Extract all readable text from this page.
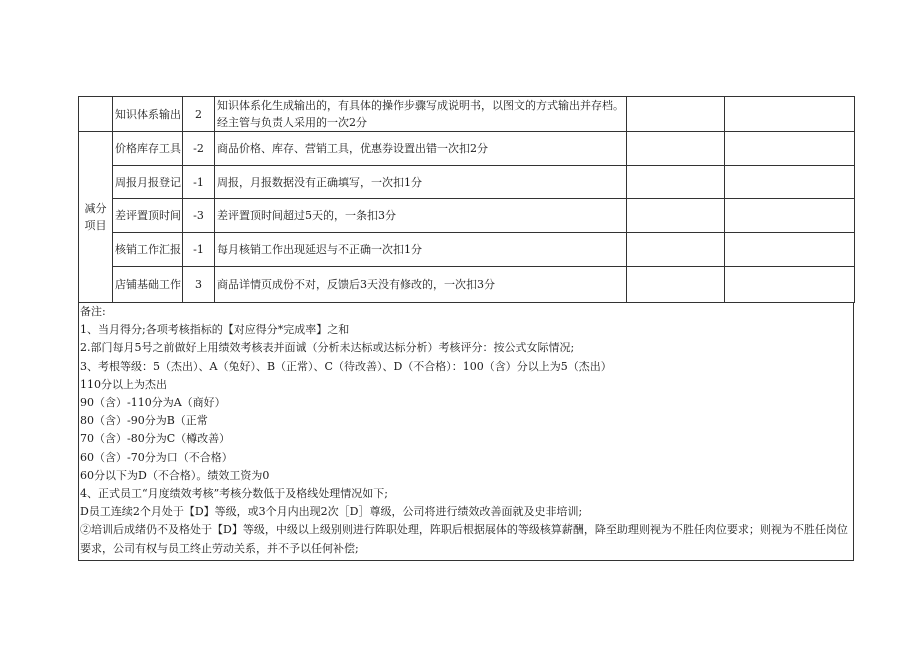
	知识体系输出	2	知识体系化生成输出的，有具体的操作步骤写成说明书，以图文的方式输出并存档。经主管与负责人采用的一次2分		
减分项目	价格库存工具	-2	商品价格、库存、营销工具，优惠券设置出错一次扣2分		
	周报月报登记	-1	周报，月报数据没有正确填写，一次扣1分		
	差评置顶时间	-3	差评置顶时间超过5天的，一条扣3分		
	核销工作汇报	-1	每月核销工作出现延迟与不正确一次扣1分		
	店铺基础工作	3	商品详情页成份不对，反馈后3天没有修改的，一次扣3分		
备注:
1、当月得分;各项考核指标的【对应得分*完成率】之和
2.部门每月5号之前做好上用绩效考核表并面诚（分析未达标或达标分析）考核评分：按公式女际情况;
3、考根等级：5（杰出）、A（兔好）、B（正常）、C（待改善）、D（不合格）：100（含）分以上为5（杰出）
110分以上为杰出
90（含）-110分为A（商好）
80（含）-90分为B（正常
70（含）-80分为C（樽改善）
60（含）-70分为口（不合格）
60分以下为D（不合格）。绩效工资为0
4、正式员工“月度绩效考核”考核分数低于及格线处理情况如下;
D员工连续2个月处于【D】等级，或3个月内出现2次［D］尊级，公司将进行绩效改善面就及史非培训;
②培训后成绪仍不及格处于【D】等级，中级以上级别则进行阵职处理，阵职后根据展体的等级核算薪酬，降至助理则视为不胜任肉位要求；则视为不胜任岗位要求，公司有权与员工终止劳动关系，并不予以任何补偿;
